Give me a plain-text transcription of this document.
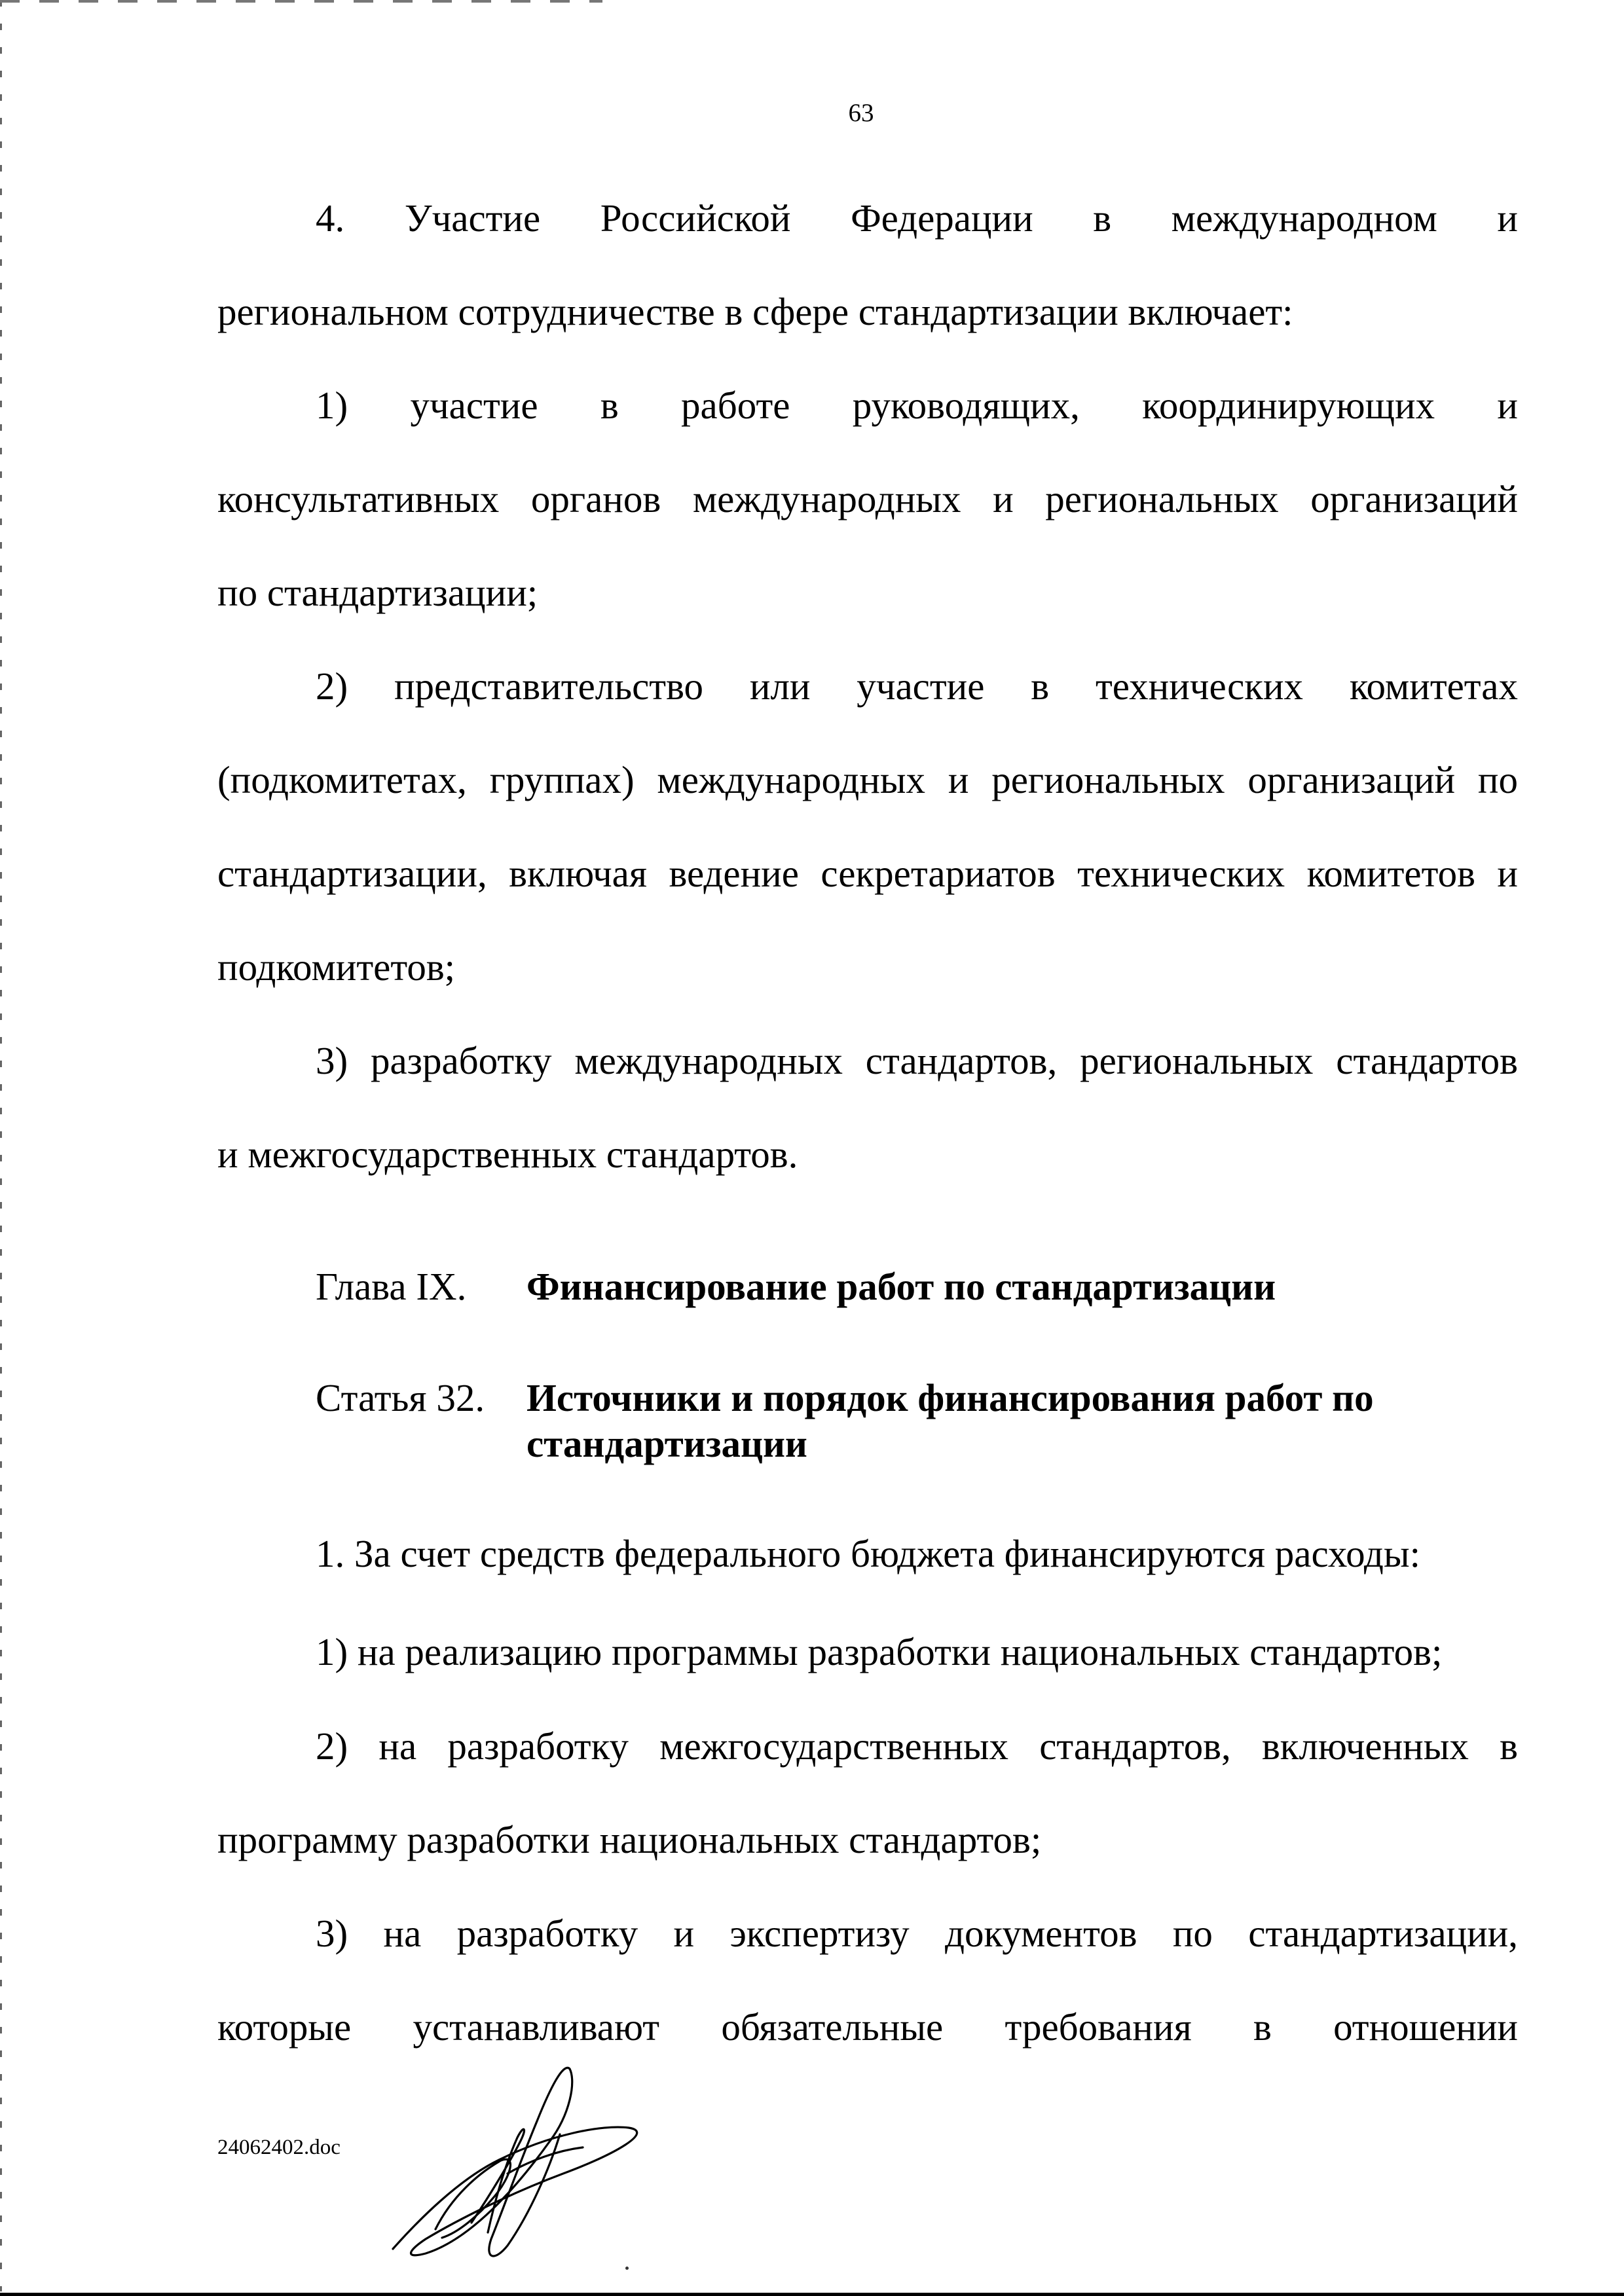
63
4. Участие Российской Федерации в международном и
региональном сотрудничестве в сфере стандартизации включает:
1) участие в работе руководящих, координирующих и
консультативных органов международных и региональных организаций
по стандартизации;
2) представительство или участие в технических комитетах
(подкомитетах, группах) международных и региональных организаций по
стандартизации, включая ведение секретариатов технических комитетов и
подкомитетов;
3) разработку международных стандартов, региональных стандартов
и межгосударственных стандартов.
Глава IX. Финансирование работ по стандартизации
Статья 32. Источники и порядок финансирования работ по стандартизации
1. За счет средств федерального бюджета финансируются расходы:
1) на реализацию программы разработки национальных стандартов;
2) на разработку межгосударственных стандартов, включенных в
программу разработки национальных стандартов;
3) на разработку и экспертизу документов по стандартизации,
которые устанавливают обязательные требования в отношении
24062402.doc
